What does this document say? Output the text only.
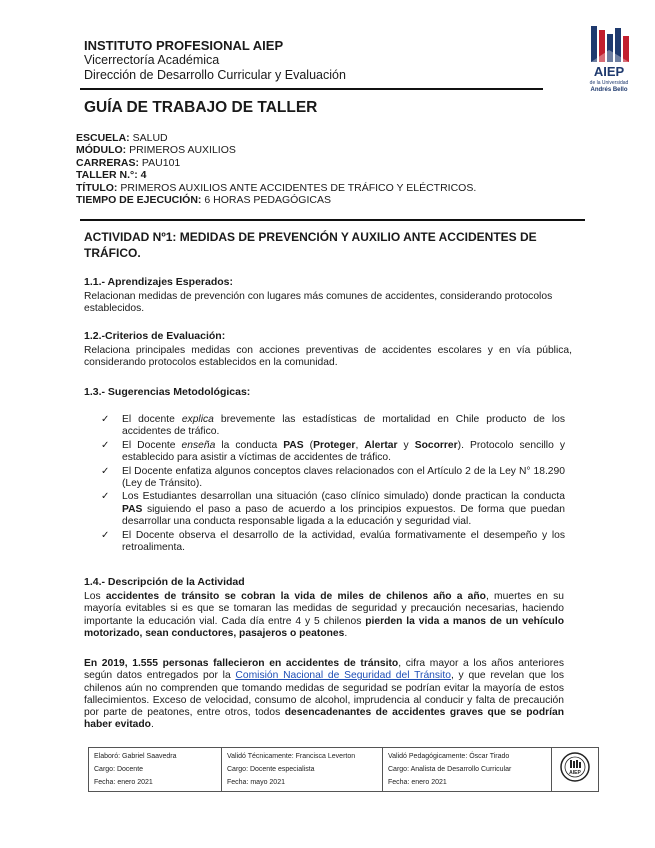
INSTITUTO PROFESIONAL AIEP
Vicerrectoría Académica
Dirección de Desarrollo Curricular y Evaluación	AIEP
de la Universidad
Andrés Bello
GUÍA DE TRABAJO DE TALLER
ESCUELA: SALUD
MÓDULO: PRIMEROS AUXILIOS
CARRERAS: PAU101
TALLER N.°: 4
TÍTULO: PRIMEROS AUXILIOS ANTE ACCIDENTES DE TRÁFICO Y ELÉCTRICOS.
TIEMPO DE EJECUCIÓN: 6 HORAS PEDAGÓGICAS
ACTIVIDAD Nº1: MEDIDAS DE PREVENCIÓN Y AUXILIO ANTE ACCIDENTES DE TRÁFICO.
1.1.- Aprendizajes Esperados:
Relacionan medidas de prevención con lugares más comunes de accidentes, considerando protocolos establecidos.
1.2.-Criterios de Evaluación:
Relaciona principales medidas con acciones preventivas de accidentes escolares y en vía pública, considerando protocolos establecidos en la comunidad.
1.3.- Sugerencias Metodológicas:
✓ El docente explica brevemente las estadísticas de mortalidad en Chile producto de los accidentes de tráfico.
✓ El Docente enseña la conducta PAS (Proteger, Alertar y Socorrer). Protocolo sencillo y establecido para asistir a víctimas de accidentes de tráfico.
✓ El Docente enfatiza algunos conceptos claves relacionados con el Artículo 2 de la Ley N° 18.290 (Ley de Tránsito).
✓ Los Estudiantes desarrollan una situación (caso clínico simulado) donde practican la conducta PAS siguiendo el paso a paso de acuerdo a los principios expuestos. De forma que puedan desarrollar una conducta responsable ligada a la educación y seguridad vial.
✓ El Docente observa el desarrollo de la actividad, evalúa formativamente el desempeño y los retroalimenta.
1.4.- Descripción de la Actividad
Los accidentes de tránsito se cobran la vida de miles de chilenos año a año, muertes en su mayoría evitables si es que se tomaran las medidas de seguridad y precaución necesarias, haciendo importante la educación vial. Cada día entre 4 y 5 chilenos pierden la vida a manos de un vehículo motorizado, sean conductores, pasajeros o peatones.
En 2019, 1.555 personas fallecieron en accidentes de tránsito, cifra mayor a los años anteriores según datos entregados por la Comisión Nacional de Seguridad del Tránsito, y que revelan que los chilenos aún no comprenden que tomando medidas de seguridad se podrían evitar la mayoría de estos fallecimientos. Exceso de velocidad, consumo de alcohol, imprudencia al conducir y falta de precaución por parte de peatones, entre otros, todos desencadenantes de accidentes graves que se podrían haber evitado.
Elaboró: Gabriel Saavedra
Cargo: Docente
Fecha: enero 2021

Validó Técnicamente: Francisca Leverton
Cargo: Docente especialista
Fecha: mayo 2021

Validó Pedagógicamente: Óscar Tirado
Cargo: Analista de Desarrollo Curricular
Fecha: enero 2021

AIEP
